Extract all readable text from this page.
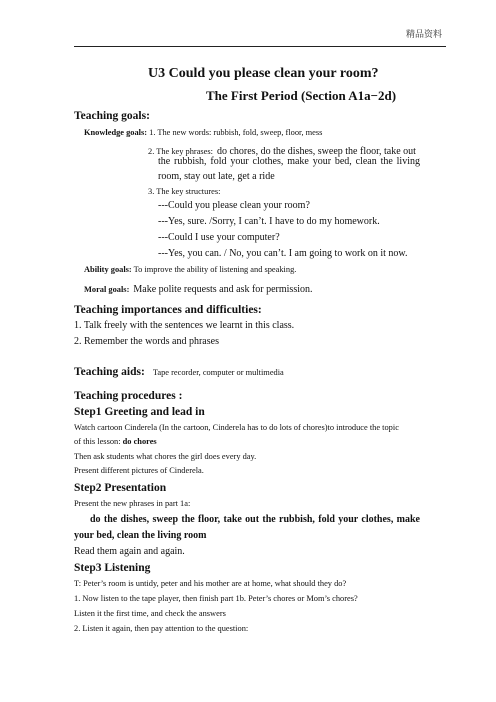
精品资料
U3 Could you please clean your room?
The First Period (Section A1a−2d)
Teaching goals:
Knowledge goals: 1. The new words: rubbish, fold, sweep, floor, mess
2. The key phrases: do chores, do the dishes, sweep the floor, take out
the rubbish, fold your clothes, make your bed, clean the living
room, stay out late, get a ride
3. The key structures:
---Could you please clean your room?
---Yes, sure. /Sorry, I can’t. I have to do my homework.
---Could I use your computer?
---Yes, you can. / No, you can’t. I am going to work on it now.
Ability goals: To improve the ability of listening and speaking.
Moral goals: Make polite requests and ask for permission.
Teaching importances and difficulties:
1. Talk freely with the sentences we learnt in this class.
2. Remember the words and phrases
Teaching aids: Tape recorder, computer or multimedia
Teaching procedures :
Step1 Greeting and lead in
Watch cartoon Cinderela (In the cartoon, Cinderela has to do lots of chores)to introduce the topic
of this lesson: do chores
Then ask students what chores the girl does every day.
Present different pictures of Cinderela.
Step2 Presentation
Present the new phrases in part 1a:
do the dishes, sweep the floor, take out the rubbish, fold your clothes, make
your bed, clean the living room
Read them again and again.
Step3 Listening
T: Peter’s room is untidy, peter and his mother are at home, what should they do?
1. Now listen to the tape player, then finish part 1b. Peter’s chores or Mom’s chores?
Listen it the first time, and check the answers
2. Listen it again, then pay attention to the question:
